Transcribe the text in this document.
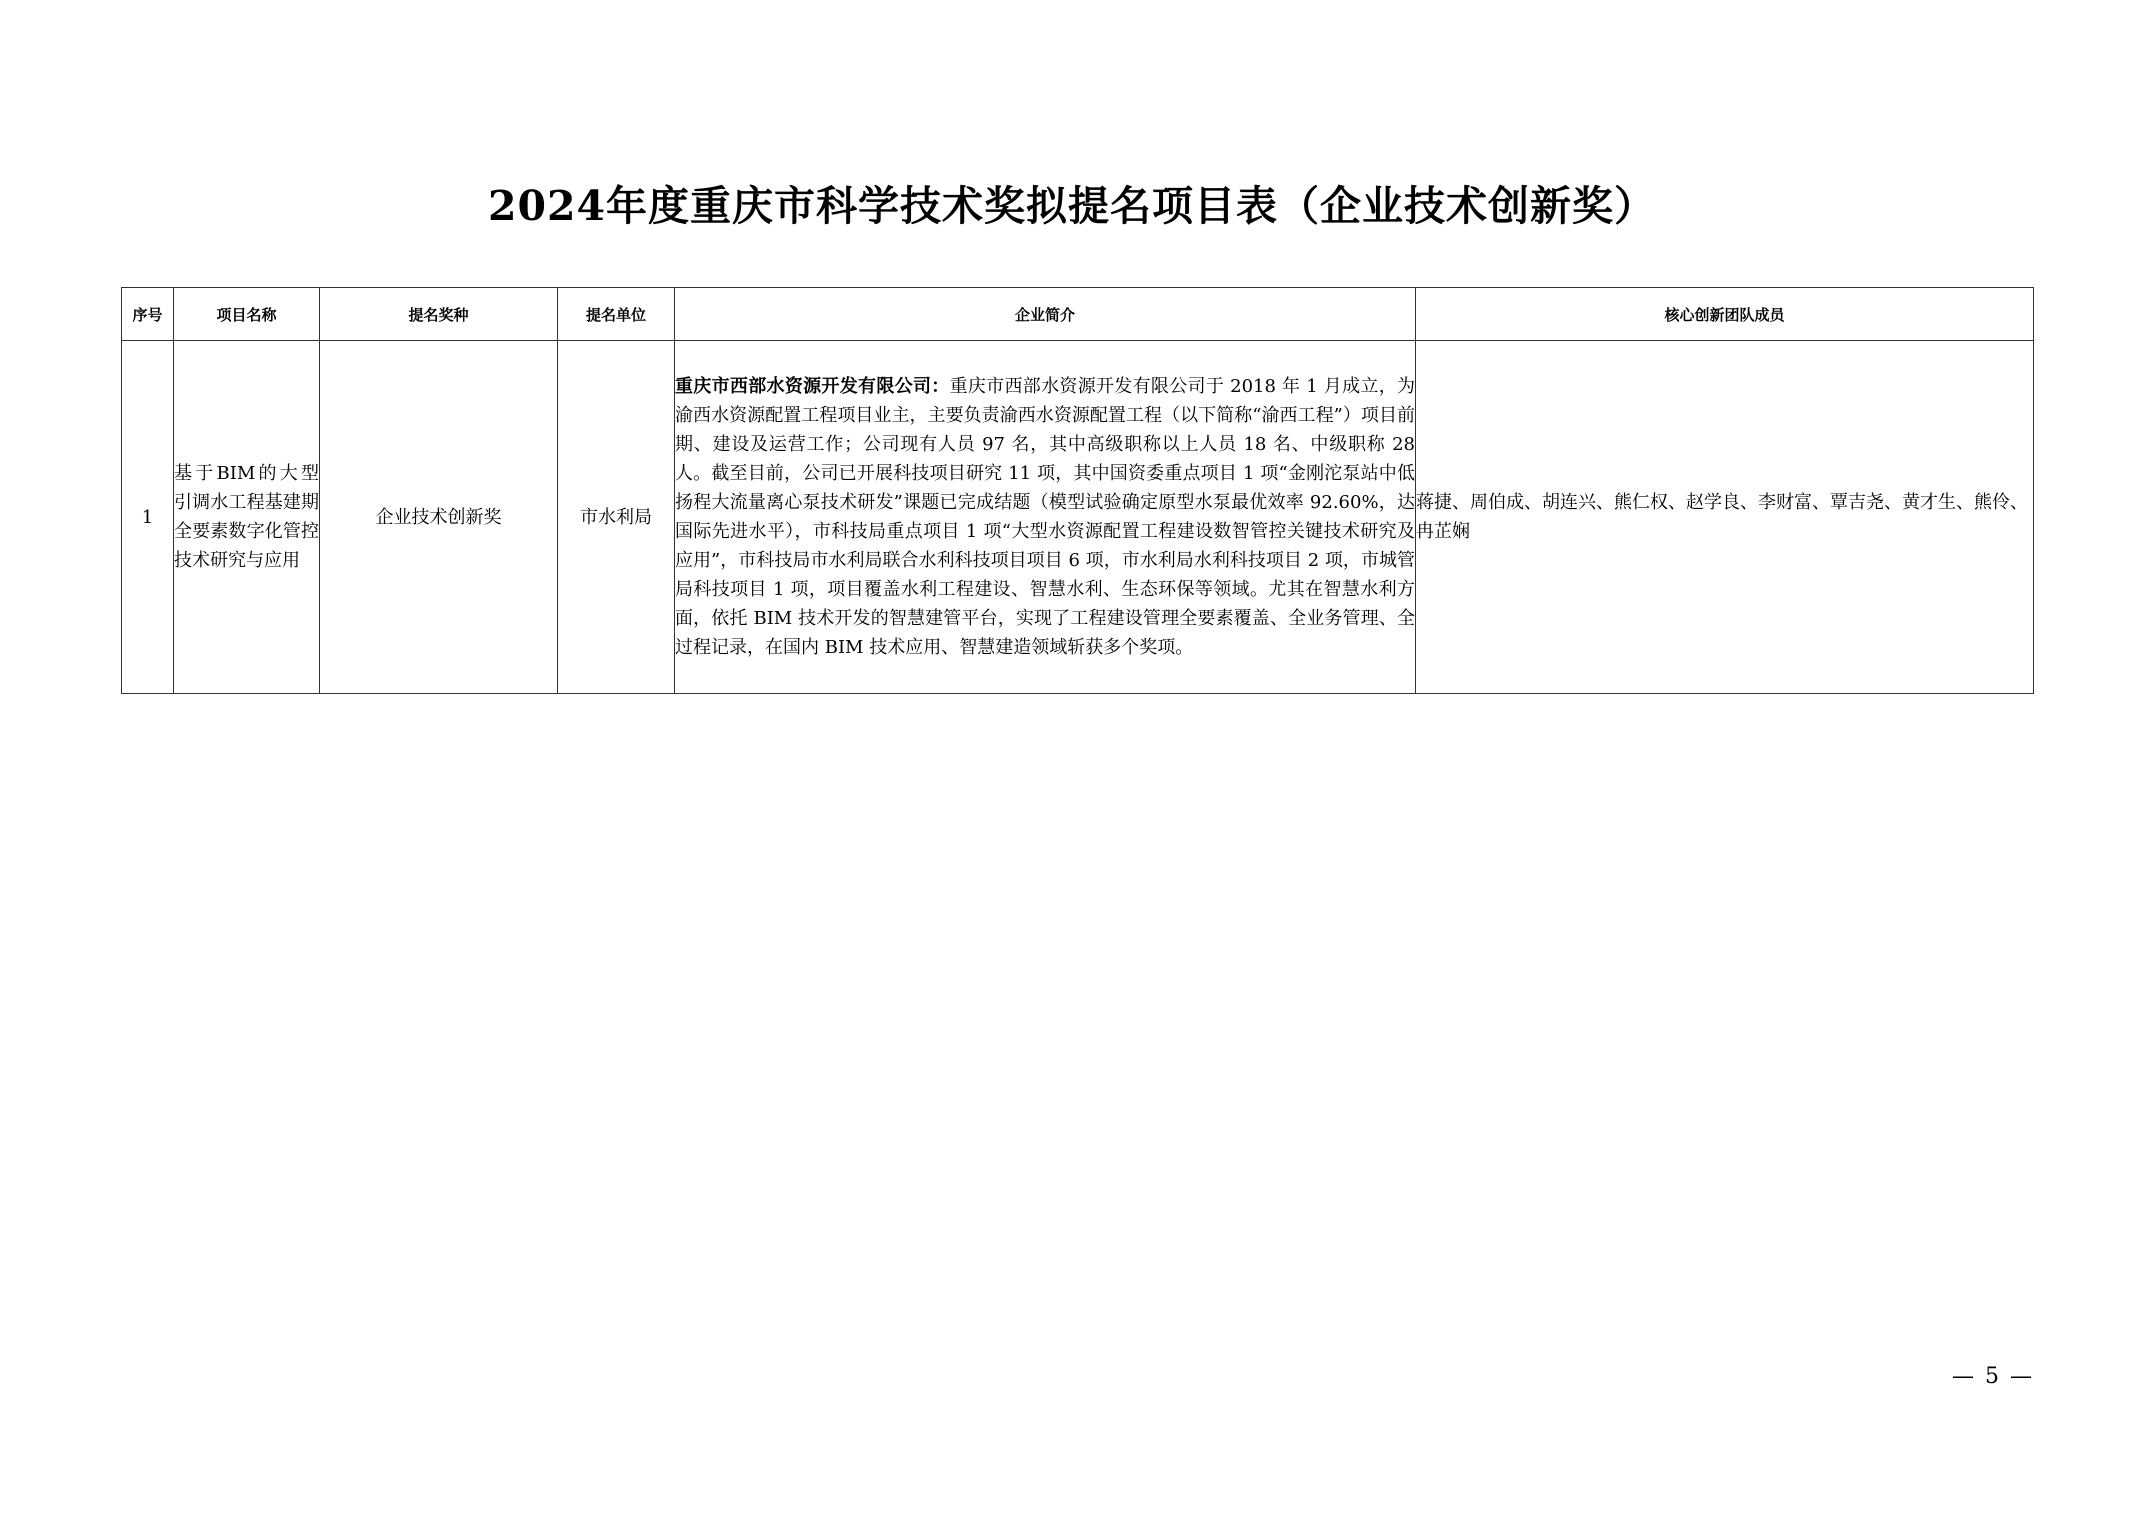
2024年度重庆市科学技术奖拟提名项目表（企业技术创新奖）
序号	项目名称	提名奖种	提名单位	企业简介	核心创新团队成员
1	基于BIM的大型引调水工程基建期全要素数字化管控技术研究与应用	企业技术创新奖	市水利局	重庆市西部水资源开发有限公司：重庆市西部水资源开发有限公司于 2018 年 1 月成立，为渝西水资源配置工程项目业主，主要负责渝西水资源配置工程（以下简称“渝西工程”）项目前期、建设及运营工作；公司现有人员 97 名，其中高级职称以上人员 18 名、中级职称 28 人。截至目前，公司已开展科技项目研究 11 项，其中国资委重点项目 1 项“金刚沱泵站中低扬程大流量离心泵技术研发”课题已完成结题（模型试验确定原型水泵最优效率 92.60%，达国际先进水平），市科技局重点项目 1 项“大型水资源配置工程建设数智管控关键技术研究及应用”，市科技局市水利局联合水利科技项目项目 6 项，市水利局水利科技项目 2 项，市城管局科技项目 1 项，项目覆盖水利工程建设、智慧水利、生态环保等领域。尤其在智慧水利方面，依托 BIM 技术开发的智慧建管平台，实现了工程建设管理全要素覆盖、全业务管理、全过程记录，在国内 BIM 技术应用、智慧建造领域斩获多个奖项。	蒋捷、周伯成、胡连兴、熊仁权、赵学良、李财富、覃吉尧、黄才生、熊伶、冉芷娴
— 5 —
